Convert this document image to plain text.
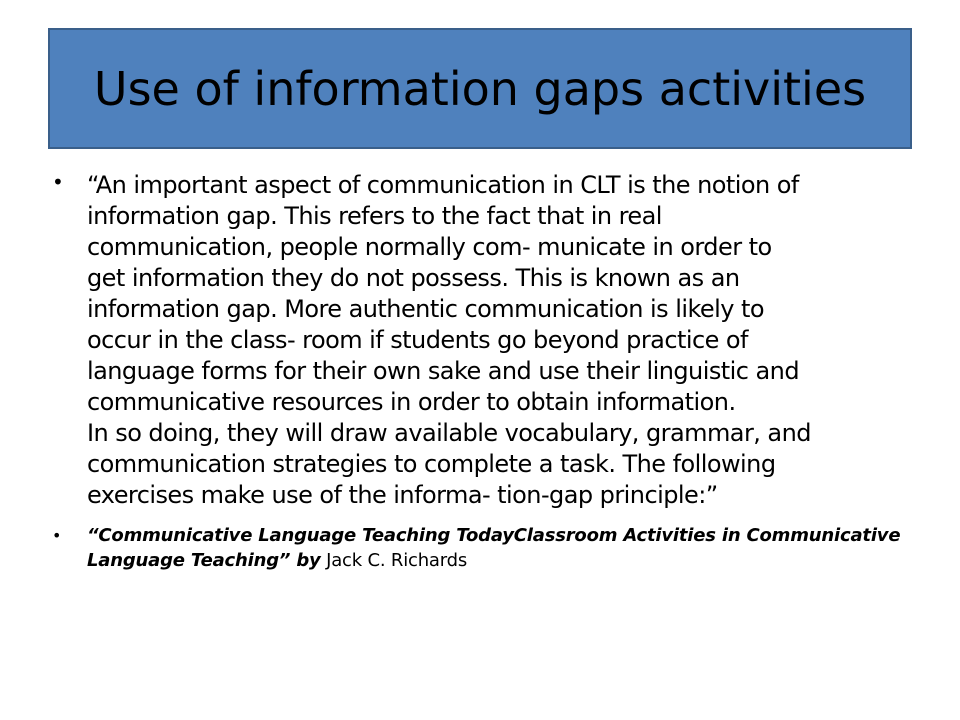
Use of information gaps activities
• “An important aspect of communication in CLT is the notion of
information gap. This refers to the fact that in real
communication, people normally com- municate in order to
get information they do not possess. This is known as an
information gap. More authentic communication is likely to
occur in the class- room if students go beyond practice of
language forms for their own sake and use their linguistic and
communicative resources in order to obtain information.
In so doing, they will draw available vocabulary, grammar, and
communication strategies to complete a task. The following
exercises make use of the informa- tion-gap principle:”
• “Communicative Language Teaching TodayClassroom Activities in Communicative Language Teaching” by Jack C. Richards
